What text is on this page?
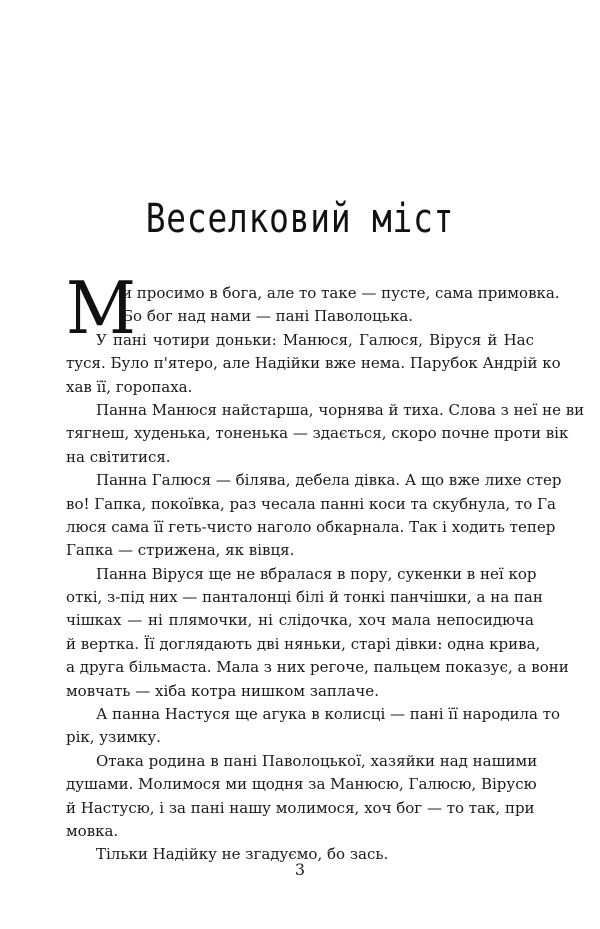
Веселковий міст
М
и просимо в бога, але то таке — пусте, сама примовка.
Бо бог над нами — пані Паволоцька.
У пані чотири доньки: Манюся, Галюся, Віруся й Нас
туся. Було п'ятеро, але Надійки вже нема. Парубок Андрій ко
хав її, горопаха.
Панна Манюся найстарша, чорнява й тиха. Слова з неї не ви
тягнеш, худенька, тоненька — здається, скоро почне проти вік
на світитися.
Панна Галюся — білява, дебела дівка. А що вже лихе стер
во! Гапка, покоївка, раз чесала панні коси та скубнула, то Га
люся сама її геть-чисто наголо обкарнала. Так і ходить тепер
Гапка — стрижена, як вівця.
Панна Віруся ще не вбралася в пору, сукенки в неї кор
откі, з-під них — панталонці білі й тонкі панчішки, а на пан
чішках — ні плямочки, ні слідочка, хоч мала непосидюча
й вертка. Її доглядають дві няньки, старі дівки: одна крива,
а друга більмаста. Мала з них регоче, пальцем показує, а вони
мовчать — хіба котра нишком заплаче.
А панна Настуся ще агука в колисці — пані її народила то
рік, узимку.
Отака родина в пані Паволоцької, хазяйки над нашими
душами. Молимося ми щодня за Манюсю, Галюсю, Вірусю
й Настусю, і за пані нашу молимося, хоч бог — то так, при
мовка.
Тільки Надійку не згадуємо, бо зась.
3
